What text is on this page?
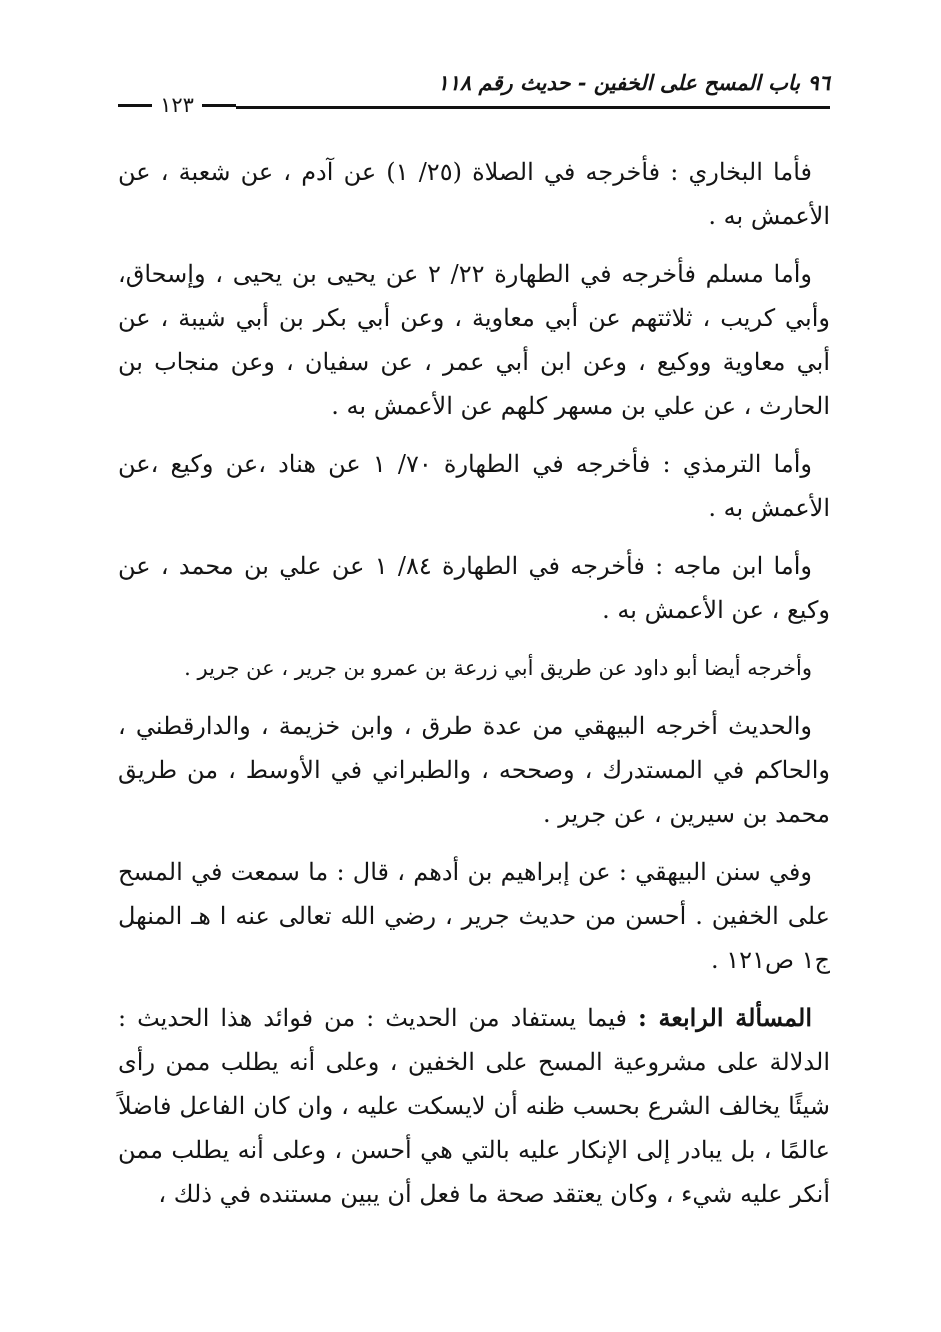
٩٦ باب المسح على الخفين - حديث رقم ١١٨
١٢٣

فأما البخاري : فأخرجه في الصلاة (٢٥/ ١) عن آدم ، عن شعبة ، عن الأعمش به .

وأما مسلم فأخرجه في الطهارة ٢٢/ ٢ عن يحيى بن يحيى ، وإسحاق، وأبي كريب ، ثلاثتهم عن أبي معاوية ، وعن أبي بكر بن أبي شيبة ، عن أبي معاوية ووكيع ، وعن ابن أبي عمر ، عن سفيان ، وعن منجاب بن الحارث ، عن علي بن مسهر كلهم عن الأعمش به .

وأما الترمذي : فأخرجه في الطهارة ٧٠/ ١ عن هناد ،عن وكيع ،عن الأعمش به .

وأما ابن ماجه : فأخرجه في الطهارة ٨٤/ ١ عن علي بن محمد ، عن وكيع ، عن الأعمش به .

وأخرجه أيضا أبو داود عن طريق أبي زرعة بن عمرو بن جرير ، عن جرير .

والحديث أخرجه البيهقي من عدة طرق ، وابن خزيمة ، والدارقطني ، والحاكم في المستدرك ، وصححه ، والطبراني في الأوسط ، من طريق محمد بن سيرين ، عن جرير .

وفي سنن البيهقي : عن إبراهيم بن أدهم ، قال : ما سمعت في المسح على الخفين . أحسن من حديث جرير ، رضي الله تعالى عنه ا هـ المنهل ج١ ص١٢١ .

المسألة الرابعة : فيما يستفاد من الحديث : من فوائد هذا الحديث : الدلالة على مشروعية المسح على الخفين ، وعلى أنه يطلب ممن رأى شيئًا يخالف الشرع بحسب ظنه أن لايسكت عليه ، وان كان الفاعل فاضلاً عالمًا ، بل يبادر إلى الإنكار عليه بالتي هي أحسن ، وعلى أنه يطلب ممن أنكر عليه شيء ، وكان يعتقد صحة ما فعل أن يبين مستنده في ذلك ،
